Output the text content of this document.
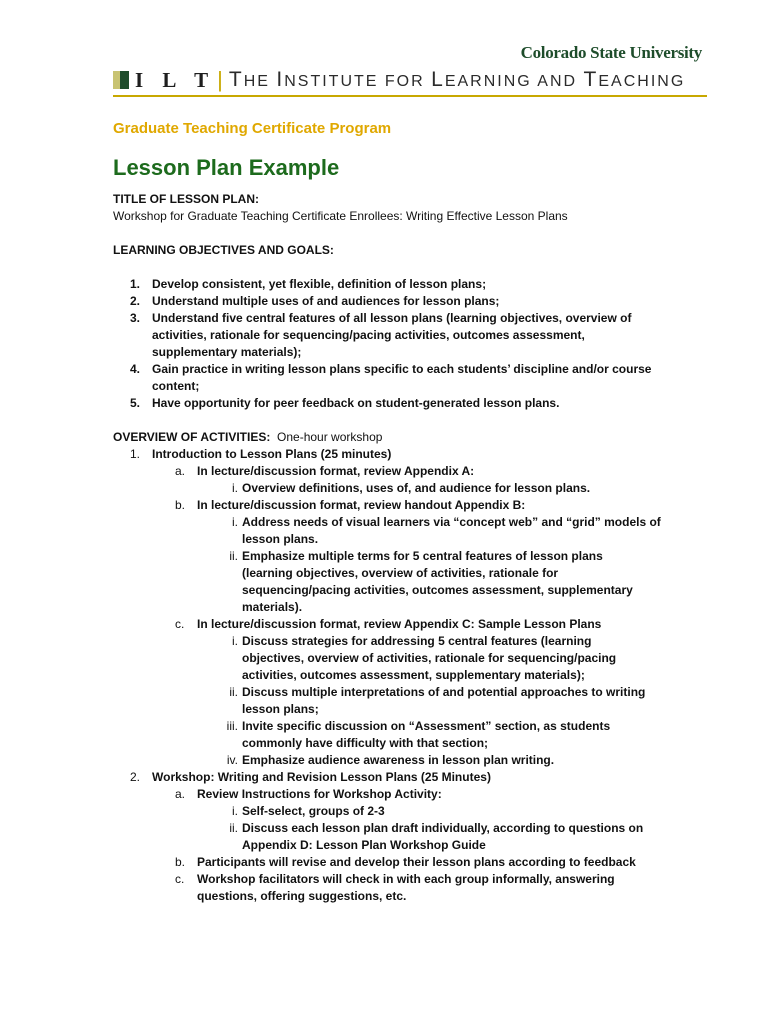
Colorado State University
I L T | THE INSTITUTE FOR LEARNING AND TEACHING
Graduate Teaching Certificate Program
Lesson Plan Example
TITLE OF LESSON PLAN:
Workshop for Graduate Teaching Certificate Enrollees: Writing Effective Lesson Plans
LEARNING OBJECTIVES AND GOALS:
1. Develop consistent, yet flexible, definition of lesson plans;
2. Understand multiple uses of and audiences for lesson plans;
3. Understand five central features of all lesson plans (learning objectives, overview of
activities, rationale for sequencing/pacing activities, outcomes assessment,
supplementary materials);
4. Gain practice in writing lesson plans specific to each students’ discipline and/or course
content;
5. Have opportunity for peer feedback on student-generated lesson plans.
OVERVIEW OF ACTIVITIES:  One-hour workshop
1. Introduction to Lesson Plans (25 minutes)
a. In lecture/discussion format, review Appendix A:
i. Overview definitions, uses of, and audience for lesson plans.
b. In lecture/discussion format, review handout Appendix B:
i. Address needs of visual learners via “concept web” and “grid” models of
lesson plans.
ii. Emphasize multiple terms for 5 central features of lesson plans
(learning objectives, overview of activities, rationale for
sequencing/pacing activities, outcomes assessment, supplementary
materials).
c. In lecture/discussion format, review Appendix C: Sample Lesson Plans
i. Discuss strategies for addressing 5 central features (learning
objectives, overview of activities, rationale for sequencing/pacing
activities, outcomes assessment, supplementary materials);
ii. Discuss multiple interpretations of and potential approaches to writing
lesson plans;
iii. Invite specific discussion on “Assessment” section, as students
commonly have difficulty with that section;
iv. Emphasize audience awareness in lesson plan writing.
2. Workshop: Writing and Revision Lesson Plans (25 Minutes)
a. Review Instructions for Workshop Activity:
i. Self-select, groups of 2-3
ii. Discuss each lesson plan draft individually, according to questions on
Appendix D: Lesson Plan Workshop Guide
b. Participants will revise and develop their lesson plans according to feedback
c. Workshop facilitators will check in with each group informally, answering
questions, offering suggestions, etc.
